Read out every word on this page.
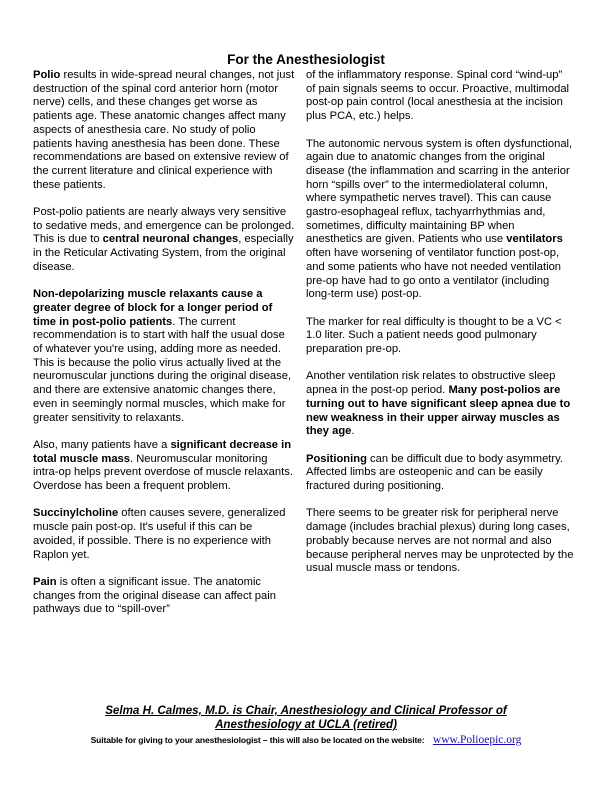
For the Anesthesiologist

Polio results in wide-spread neural changes, not just destruction of the spinal cord anterior horn (motor nerve) cells, and these changes get worse as patients age. These anatomic changes affect many aspects of anesthesia care. No study of polio patients having anesthesia has been done. These recommendations are based on extensive review of the current literature and clinical experience with these patients.

Post-polio patients are nearly always very sensitive to sedative meds, and emergence can be prolonged. This is due to central neuronal changes, especially in the Reticular Activating System, from the original disease.

Non-depolarizing muscle relaxants cause a greater degree of block for a longer period of time in post-polio patients. The current recommendation is to start with half the usual dose of whatever you're using, adding more as needed. This is because the polio virus actually lived at the neuromuscular junctions during the original disease, and there are extensive anatomic changes there, even in seemingly normal muscles, which make for greater sensitivity to relaxants.

Also, many patients have a significant decrease in total muscle mass. Neuromuscular monitoring intra-op helps prevent overdose of muscle relaxants. Overdose has been a frequent problem.

Succinylcholine often causes severe, generalized muscle pain post-op. It's useful if this can be avoided, if possible. There is no experience with Raplon yet.

Pain is often a significant issue. The anatomic changes from the original disease can affect pain pathways due to “spill-over”

of the inflammatory response. Spinal cord “wind-up” of pain signals seems to occur. Proactive, multimodal post-op pain control (local anesthesia at the incision plus PCA, etc.) helps.

The autonomic nervous system is often dysfunctional, again due to anatomic changes from the original disease (the inflammation and scarring in the anterior horn “spills over” to the intermediolateral column, where sympathetic nerves travel). This can cause gastro-esophageal reflux, tachyarrhythmias and, sometimes, difficulty maintaining BP when anesthetics are given. Patients who use ventilators often have worsening of ventilator function post-op, and some patients who have not needed ventilation pre-op have had to go onto a ventilator (including long-term use) post-op.

The marker for real difficulty is thought to be a VC < 1.0 liter. Such a patient needs good pulmonary preparation pre-op.

Another ventilation risk relates to obstructive sleep apnea in the post-op period. Many post-polios are turning out to have significant sleep apnea due to new weakness in their upper airway muscles as they age.

Positioning can be difficult due to body asymmetry. Affected limbs are osteopenic and can be easily fractured during positioning.

There seems to be greater risk for peripheral nerve damage (includes brachial plexus) during long cases, probably because nerves are not normal and also because peripheral nerves may be unprotected by the usual muscle mass or tendons.

Selma H. Calmes, M.D. is Chair, Anesthesiology and Clinical Professor of
Anesthesiology at UCLA (retired)
Suitable for giving to your anesthesiologist – this will also be located on the website: www.Polioepic.org
